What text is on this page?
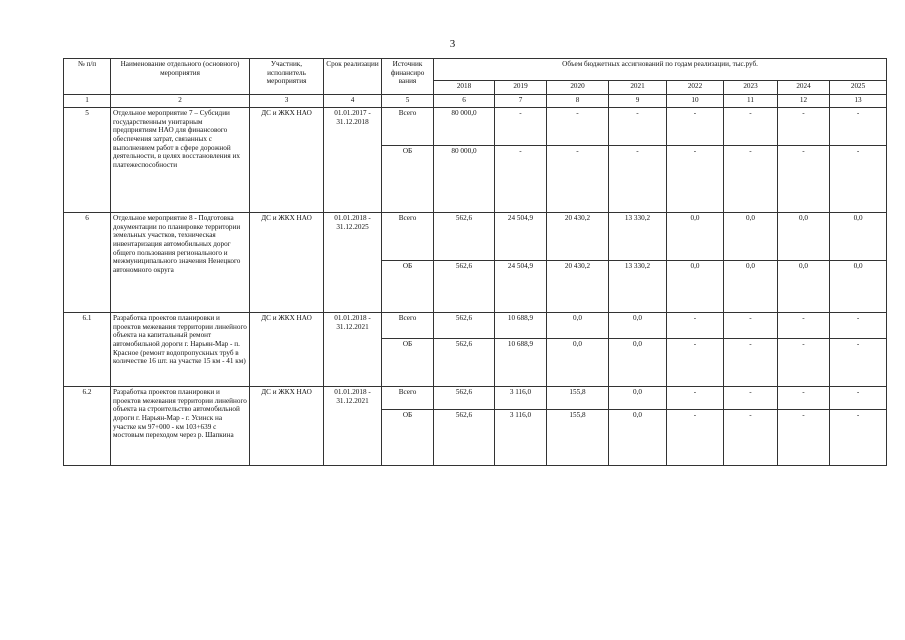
3
№ п/п	Наименование отдельного (основного) мероприятия	Участник, исполнитель мероприятия	Срок реализации	Источник финансиро вания	Объем бюджетных ассигнований по годам реализации, тыс.руб.							
					2018	2019	2020	2021	2022	2023	2024	2025
1	2	3	4	5	6	7	8	9	10	11	12	13
5	Отдельное мероприятие 7 – Субсидии государственным унитарным предприятиям НАО для финансового обеспечения затрат, связанных с выполнением работ в сфере дорожной деятельности, в целях восстановления их платежеспособности	ДС и ЖКХ НАО	01.01.2017 - 31.12.2018	Всего	80 000,0	-	-	-	-	-	-	-
				ОБ	80 000,0	-	-	-	-	-	-	-
6	Отдельное мероприятие 8 - Подготовка документации по планировке территории земельных участков, техническая инвентаризация автомобильных дорог общего пользования регионального и межмуниципального значения Ненецкого автономного округа	ДС и ЖКХ НАО	01.01.2018 - 31.12.2025	Всего	562,6	24 504,9	20 430,2	13 330,2	0,0	0,0	0,0	0,0
				ОБ	562,6	24 504,9	20 430,2	13 330,2	0,0	0,0	0,0	0,0
6.1	Разработка проектов планировки и проектов межевания территории линейного объекта на капитальный ремонт автомобильной дороги г. Нарьян-Мар - п. Красное (ремонт водопропускных труб в количестве 16 шт. на участке 15 км - 41 км)	ДС и ЖКХ НАО	01.01.2018 - 31.12.2021	Всего	562,6	10 688,9	0,0	0,0	-	-	-	-
				ОБ	562,6	10 688,9	0,0	0,0	-	-	-	-
6.2	Разработка проектов планировки и проектов межевания территории линейного объекта на строительство автомобильной дороги г. Нарьян-Мар - г. Усинск на участке км 97+000 - км 103+639 с мостовым переходом через р. Шапкина	ДС и ЖКХ НАО	01.01.2018 - 31.12.2021	Всего	562,6	3 116,0	155,8	0,0	-	-	-	-
				ОБ	562,6	3 116,0	155,8	0,0	-	-	-	-
